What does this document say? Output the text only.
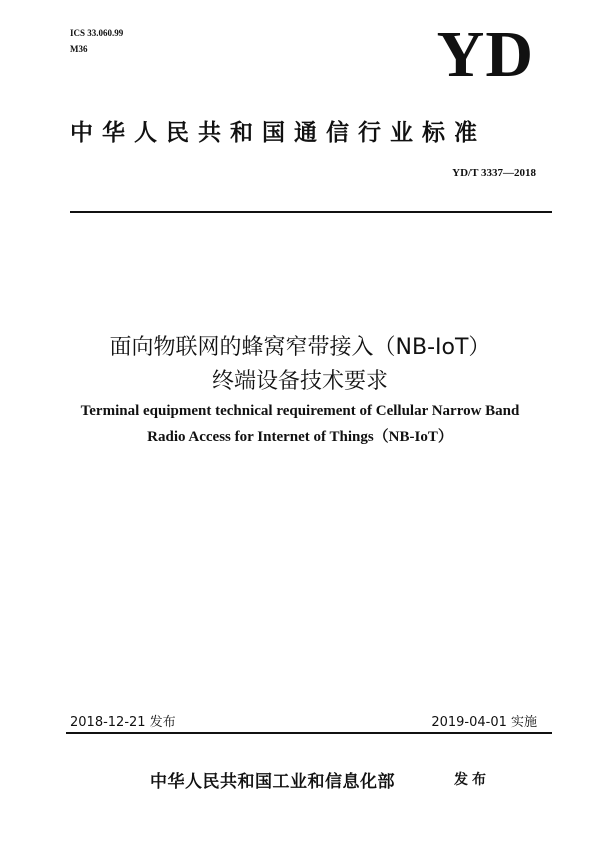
ICS 33.060.99
M36	YD
中华人民共和国通信行业标准
YD/T 3337—2018
面向物联网的蜂窝窄带接入（NB-IoT）
终端设备技术要求
Terminal equipment technical requirement of Cellular Narrow Band
Radio Access for Internet of Things（NB-IoT）
2018-12-21 发布	2019-04-01 实施
中华人民共和国工业和信息化部	发布
